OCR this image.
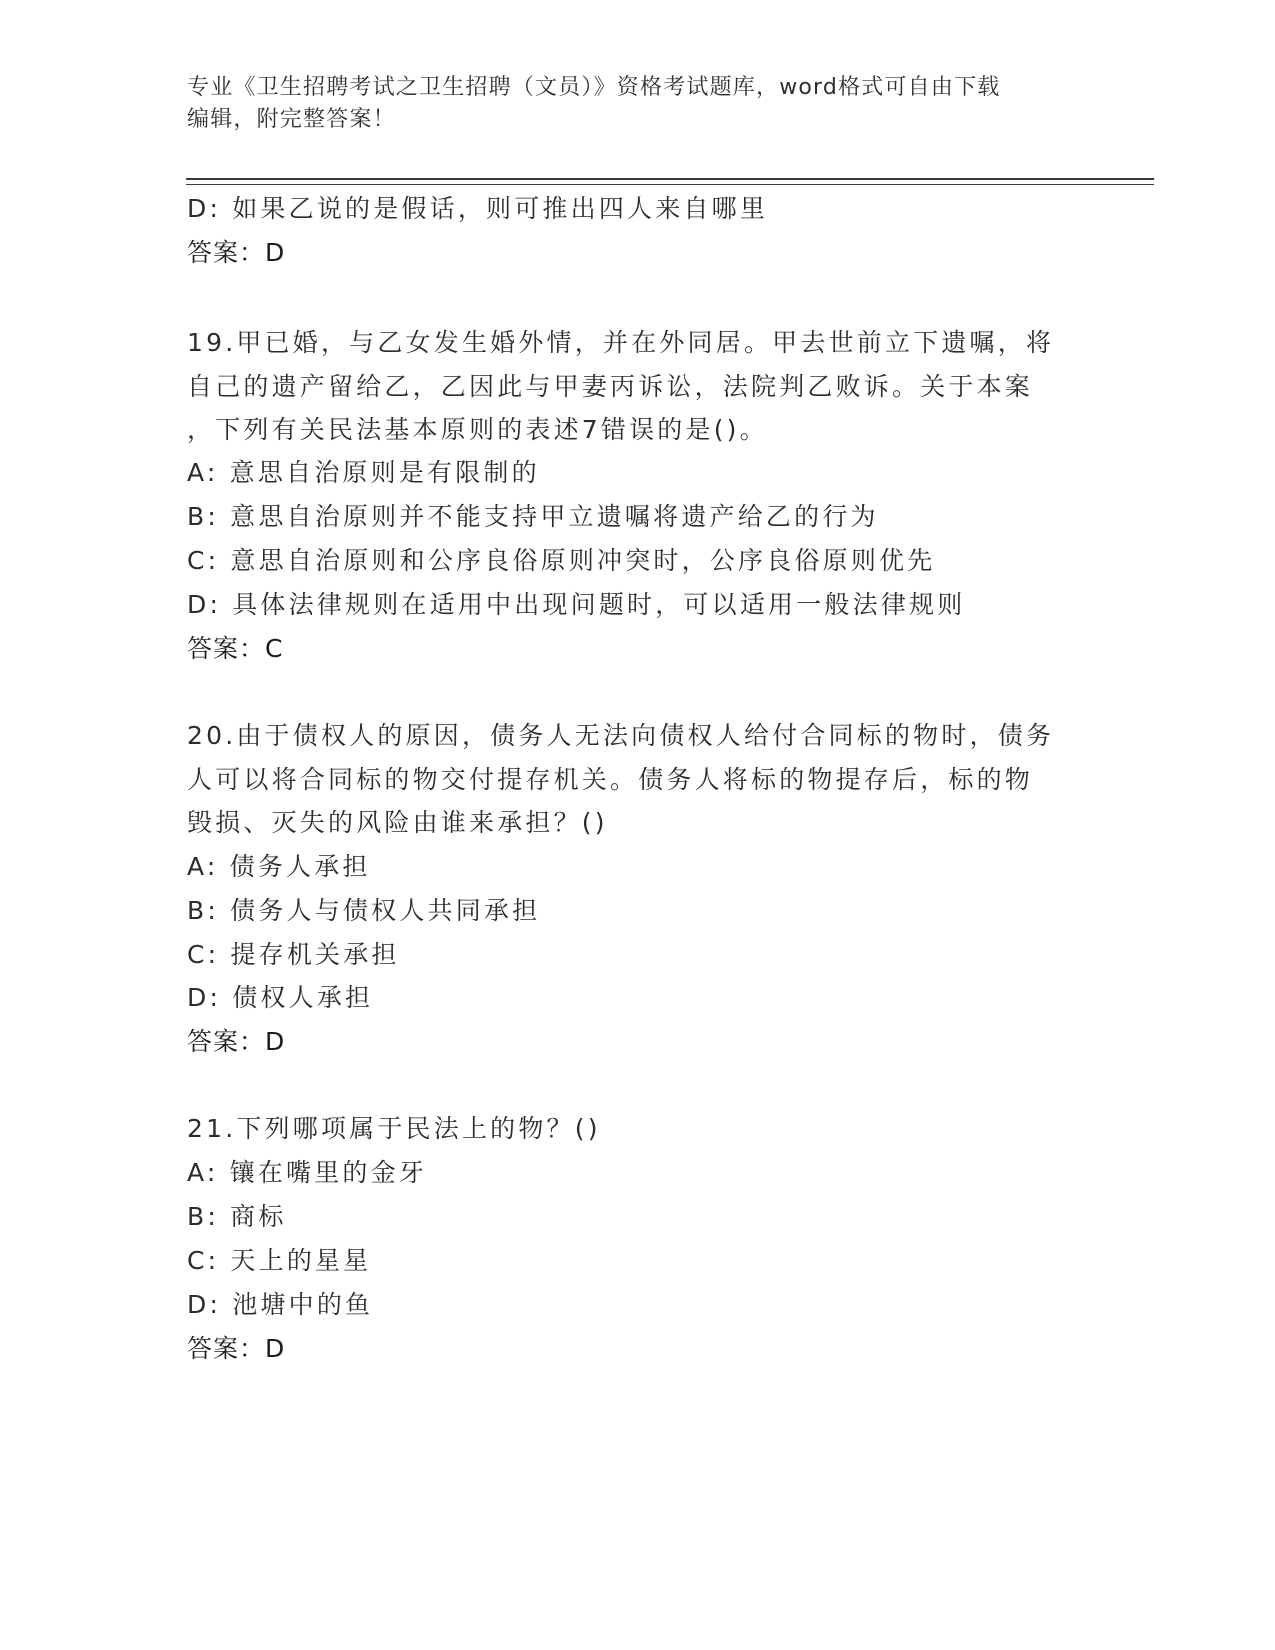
专业《卫生招聘考试之卫生招聘（文员）》资格考试题库，word格式可自由下载
编辑，附完整答案！
D: 如果乙说的是假话，则可推出四人来自哪里
答案：D
19.甲已婚，与乙女发生婚外情，并在外同居。甲去世前立下遗嘱，将
自己的遗产留给乙，乙因此与甲妻丙诉讼，法院判乙败诉。关于本案
，下列有关民法基本原则的表述7错误的是()。
A: 意思自治原则是有限制的
B: 意思自治原则并不能支持甲立遗嘱将遗产给乙的行为
C: 意思自治原则和公序良俗原则冲突时，公序良俗原则优先
D: 具体法律规则在适用中出现问题时，可以适用一般法律规则
答案：C
20.由于债权人的原因，债务人无法向债权人给付合同标的物时，债务
人可以将合同标的物交付提存机关。债务人将标的物提存后，标的物
毁损、灭失的风险由谁来承担？()
A: 债务人承担
B: 债务人与债权人共同承担
C: 提存机关承担
D: 债权人承担
答案：D
21.下列哪项属于民法上的物？()
A: 镶在嘴里的金牙
B: 商标
C: 天上的星星
D: 池塘中的鱼
答案：D
